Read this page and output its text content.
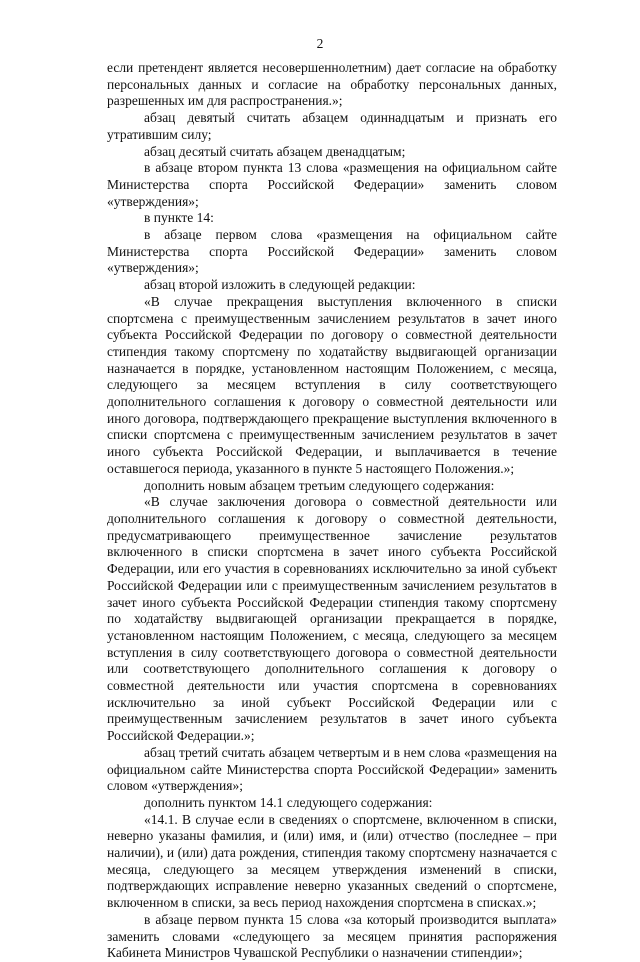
2

если претендент является несовершеннолетним) дает согласие на обработку персональных данных и согласие на обработку персональных данных, разрешенных им для распространения.»;

абзац девятый считать абзацем одиннадцатым и признать его утратившим силу;

абзац десятый считать абзацем двенадцатым;

в абзаце втором пункта 13 слова «размещения на официальном сайте Министерства спорта Российской Федерации» заменить словом «утверждения»;

в пункте 14:

в абзаце первом слова «размещения на официальном сайте Министерства спорта Российской Федерации» заменить словом «утверждения»;

абзац второй изложить в следующей редакции:

«В случае прекращения выступления включенного в списки спортсмена с преимущественным зачислением результатов в зачет иного субъекта Российской Федерации по договору о совместной деятельности стипендия такому спортсмену по ходатайству выдвигающей организации назначается в порядке, установленном настоящим Положением, с месяца, следующего за месяцем вступления в силу соответствующего дополнительного соглашения к договору о совместной деятельности или иного договора, подтверждающего прекращение выступления включенного в списки спортсмена с преимущественным зачислением результатов в зачет иного субъекта Российской Федерации, и выплачивается в течение оставшегося периода, указанного в пункте 5 настоящего Положения.»;

дополнить новым абзацем третьим следующего содержания:

«В случае заключения договора о совместной деятельности или дополнительного соглашения к договору о совместной деятельности, предусматривающего преимущественное зачисление результатов включенного в списки спортсмена в зачет иного субъекта Российской Федерации, или его участия в соревнованиях исключительно за иной субъект Российской Федерации или с преимущественным зачислением результатов в зачет иного субъекта Российской Федерации стипендия такому спортсмену по ходатайству выдвигающей организации прекращается в порядке, установленном настоящим Положением, с месяца, следующего за месяцем вступления в силу соответствующего договора о совместной деятельности или соответствующего дополнительного соглашения к договору о совместной деятельности или участия спортсмена в соревнованиях исключительно за иной субъект Российской Федерации или с преимущественным зачислением результатов в зачет иного субъекта Российской Федерации.»;

абзац третий считать абзацем четвертым и в нем слова «размещения на официальном сайте Министерства спорта Российской Федерации» заменить словом «утверждения»;

дополнить пунктом 14.1 следующего содержания:

«14.1. В случае если в сведениях о спортсмене, включенном в списки, неверно указаны фамилия, и (или) имя, и (или) отчество (последнее – при наличии), и (или) дата рождения, стипендия такому спортсмену назначается с месяца, следующего за месяцем утверждения изменений в списки, подтверждающих исправление неверно указанных сведений о спортсмене, включенном в списки, за весь период нахождения спортсмена в списках.»;

в абзаце первом пункта 15 слова «за который производится выплата» заменить словами «следующего за месяцем принятия распоряжения Кабинета Министров Чувашской Республики о назначении стипендии»;
